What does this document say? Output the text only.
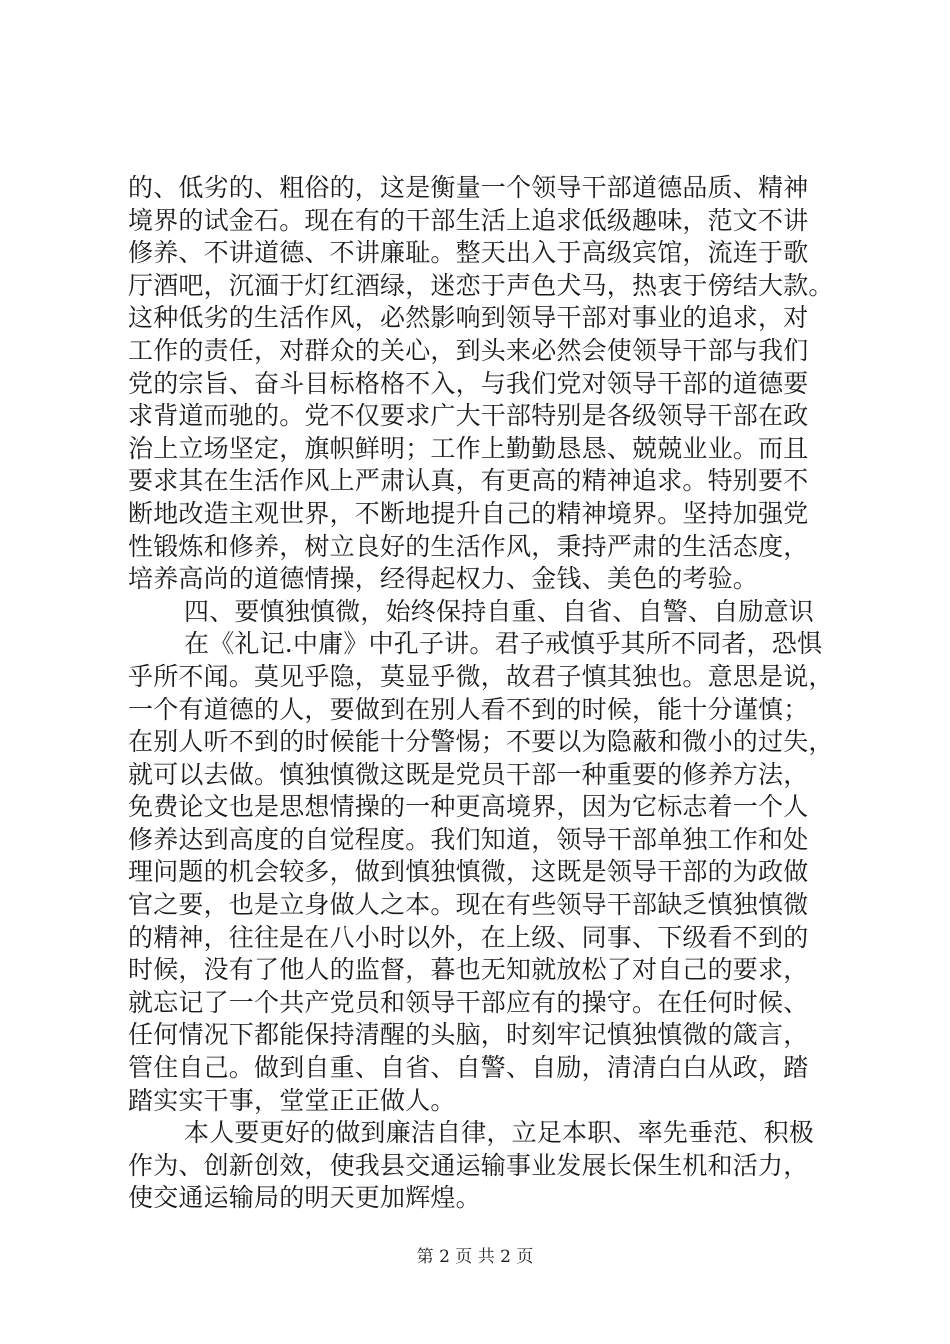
的、低劣的、粗俗的，这是衡量一个领导干部道德品质、精神
境界的试金石。现在有的干部生活上追求低级趣味，范文不讲
修养、不讲道德、不讲廉耻。整天出入于高级宾馆，流连于歌
厅酒吧，沉湎于灯红酒绿，迷恋于声色犬马，热衷于傍结大款。
这种低劣的生活作风，必然影响到领导干部对事业的追求，对
工作的责任，对群众的关心，到头来必然会使领导干部与我们
党的宗旨、奋斗目标格格不入，与我们党对领导干部的道德要
求背道而驰的。党不仅要求广大干部特别是各级领导干部在政
治上立场坚定，旗帜鲜明；工作上勤勤恳恳、兢兢业业。而且
要求其在生活作风上严肃认真，有更高的精神追求。特别要不
断地改造主观世界，不断地提升自己的精神境界。坚持加强党
性锻炼和修养，树立良好的生活作风，秉持严肃的生活态度，
培养高尚的道德情操，经得起权力、金钱、美色的考验。
四、要慎独慎微，始终保持自重、自省、自警、自励意识
在《礼记.中庸》中孔子讲。君子戒慎乎其所不同者，恐惧
乎所不闻。莫见乎隐，莫显乎微，故君子慎其独也。意思是说，
一个有道德的人，要做到在别人看不到的时候，能十分谨慎；
在别人听不到的时候能十分警惕；不要以为隐蔽和微小的过失，
就可以去做。慎独慎微这既是党员干部一种重要的修养方法，
免费论文也是思想情操的一种更高境界，因为它标志着一个人
修养达到高度的自觉程度。我们知道，领导干部单独工作和处
理问题的机会较多，做到慎独慎微，这既是领导干部的为政做
官之要，也是立身做人之本。现在有些领导干部缺乏慎独慎微
的精神，往往是在八小时以外，在上级、同事、下级看不到的
时候，没有了他人的监督，暮也无知就放松了对自己的要求，
就忘记了一个共产党员和领导干部应有的操守。在任何时候、
任何情况下都能保持清醒的头脑，时刻牢记慎独慎微的箴言，
管住自己。做到自重、自省、自警、自励，清清白白从政，踏
踏实实干事，堂堂正正做人。
本人要更好的做到廉洁自律，立足本职、率先垂范、积极
作为、创新创效，使我县交通运输事业发展长保生机和活力，
使交通运输局的明天更加辉煌。
第 2 页 共 2 页
